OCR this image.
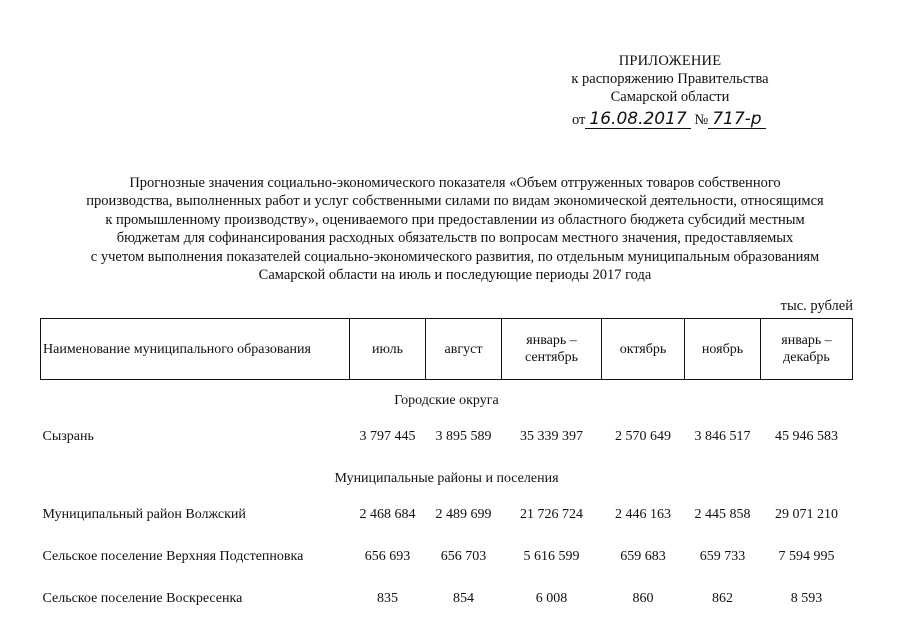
ПРИЛОЖЕНИЕ
к распоряжению Правительства
Самарской области
от 16.08.2017 № 717-р
Прогнозные значения социально-экономического показателя «Объем отгруженных товаров собственного
производства, выполненных работ и услуг собственными силами по видам экономической деятельности, относящимся
к промышленному производству», оцениваемого при предоставлении из областного бюджета субсидий местным
бюджетам для софинансирования расходных обязательств по вопросам местного значения, предоставляемых
с учетом выполнения показателей социально-экономического развития, по отдельным муниципальным образованиям
Самарской области на июль и последующие периоды 2017 года
тыс. рублей
Наименование муниципального образования	июль	август	январь – сентябрь	октябрь	ноябрь	январь – декабрь
Городские округа						
Сызрань	3 797 445	3 895 589	35 339 397	2 570 649	3 846 517	45 946 583
Муниципальные районы и поселения						
Муниципальный район Волжский	2 468 684	2 489 699	21 726 724	2 446 163	2 445 858	29 071 210
Сельское поселение Верхняя Подстепновка	656 693	656 703	5 616 599	659 683	659 733	7 594 995
Сельское поселение Воскресенка	835	854	6 008	860	862	8 593
